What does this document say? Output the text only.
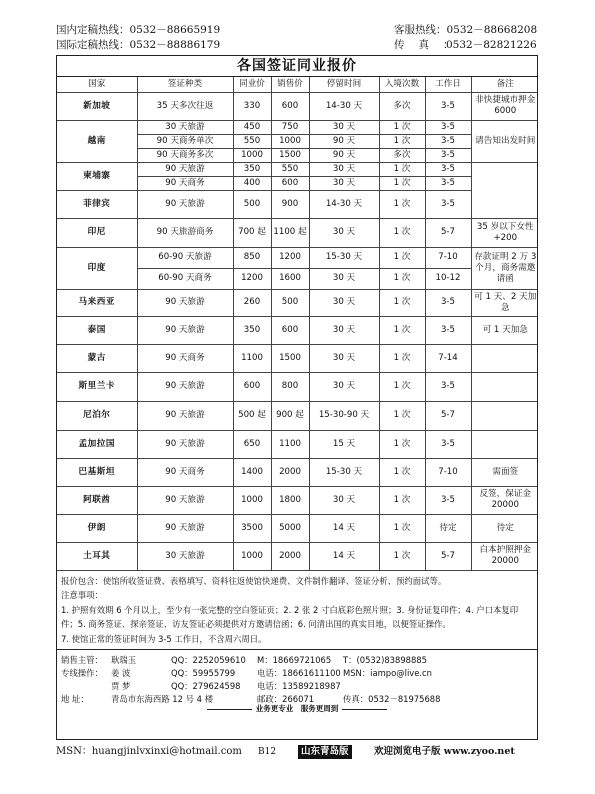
国内定稿热线： 0532－88665919
国际定稿热线： 0532－88886179
客服热线： 0532－88668208
传真：
0532－82821226
各国签证同业报价
国家	签证种类	同业价	销售价	停留时间	入境次数	工作日	备注
新加坡	35 天多次往返	330	600	14-30 天	多次	3-5	非快捷城市押金 6000
越南	30 天旅游	450	750	30 天	1 次	3-5	请告知出发时间
	90 天商务单次	550	1000	90 天	1 次	3-5	
	90 天商务多次	1000	1500	90 天	多次	3-5	
柬埔寨	90 天旅游	350	550	30 天	1 次	3-5	
	90 天商务	400	600	30 天	1 次	3-5	
菲律宾	90 天旅游	500	900	14-30 天	1 次	3-5	
印尼	90 天旅游商务	700 起	1100 起	30 天	1 次	5-7	35 岁以下女性+200
印度	60-90 天旅游	850	1200	15-30 天	1 次	7-10	存款证明 2 万 3 个月，商务需邀请函
	60-90 天商务	1200	1600	30 天	1 次	10-12	
马来西亚	90 天旅游	260	500	30 天	1 次	3-5	可 1 天、2 天加急
泰国	90 天旅游	350	600	30 天	1 次	3-5	可 1 天加急
蒙古	90 天商务	1100	1500	30 天	1 次	7-14	
斯里兰卡	90 天旅游	600	800	30 天	1 次	3-5	
尼泊尔	90 天旅游	500 起	900 起	15-30-90 天	1 次	5-7	
孟加拉国	90 天旅游	650	1100	15 天	1 次	3-5	
巴基斯坦	90 天商务	1400	2000	15-30 天	1 次	7-10	需面签
阿联酋	90 天旅游	1000	1800	30 天	1 次	3-5	反签，保证金 20000
伊朗	90 天旅游	3500	5000	14 天	1 次	待定	待定
土耳其	30 天旅游	1000	2000	14 天	1 次	5-7	白本护照押金 20000
报价包含：使馆所收签证费、表格填写、资料往返使馆快递费、文件制作翻译、签证分析、预约面试等。
注意事项：
1. 护照有效期 6 个月以上，至少有一张完整的空白签证页；2. 2 张 2 寸白底彩色照片照；3. 身份证复印件；4. 户口本复印件；5. 商务签证、探亲签证、访友签证必须提供对方邀请信函；6. 问清出国的真实目地，以便签证操作。
7. 使馆正常的签证时间为 3-5 工作日，不含周六周日。
销售主管： 耿瑞玉	QQ：2252059610 M：18669721065 T：(0532)83898885
专线操作： 姜 波	QQ：59955799	电话：18661611100 MSN：iampo@live.cn
贾 梦	QQ：279624598 电话：13589218987
地 址：	青岛市东海西路 12 号 4 楼	邮政：266071	传真：0532－81975688
业务更专业　服务更周到
MSN：huangjinlvxinxi@hotmail.com B12	山东青岛版	欢迎浏览电子版 www.zyoo.net
